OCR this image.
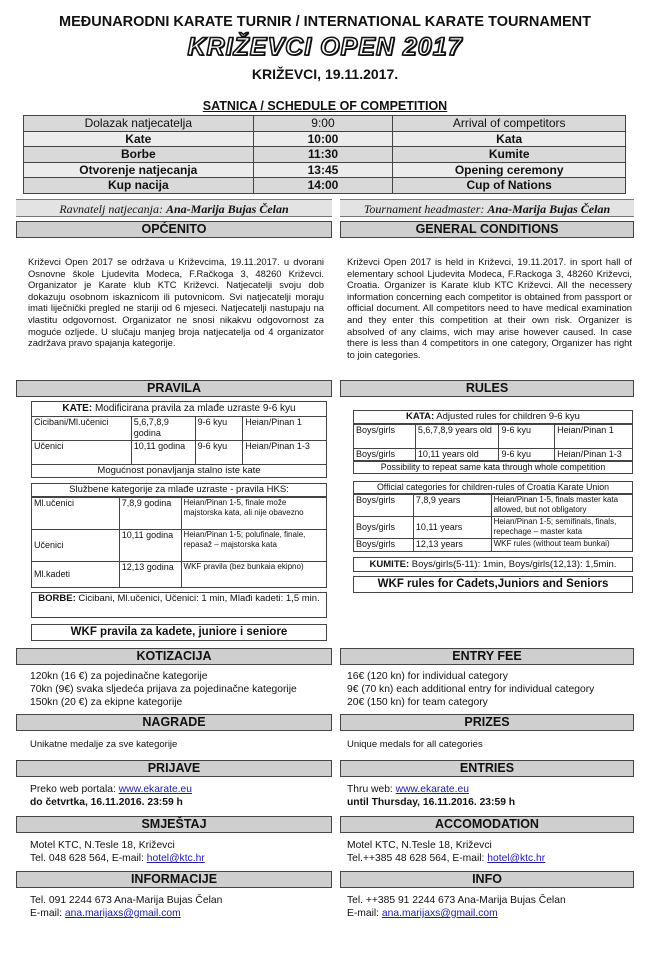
MEĐUNARODNI KARATE TURNIR / INTERNATIONAL KARATE TOURNAMENT
KRIŽEVCI OPEN 2017
KRIŽEVCI, 19.11.2017.
SATNICA / SCHEDULE OF COMPETITION
Dolazak natjecatelja	9:00	Arrival of competitors
Kate	10:00	Kata
Borbe	11:30	Kumite
Otvorenje natjecanja	13:45	Opening ceremony
Kup nacija	14:00	Cup of Nations
Ravnatelj natjecanja: Ana-Marija Bujas Čelan	Tournament headmaster: Ana-Marija Bujas Čelan
OPĆENITO	GENERAL CONDITIONS
Križevci Open 2017 se održava u Križevcima, 19.11.2017. u dvorani Osnovne škole Ljudevita Modeca, F.Račkoga 3, 48260 Križevci. Organizator je Karate klub KTC Križevci. Natjecatelji svoju dob dokazuju osobnom iskaznicom ili putovnicom. Svi natjecatelji moraju imati liječnički pregled ne stariji od 6 mjeseci. Natjecatelji nastupaju na vlastitu odgovornost. Organizator ne snosi nikakvu odgovornost za moguće ozljede. U slučaju manjeg broja natjecatelja od 4 organizator zadržava pravo spajanja kategorije.
Križevci Open 2017 is held in Križevci, 19.11.2017. in sport hall of elementary school Ljudevita Modeca, F.Rackoga 3, 48260 Križevci, Croatia. Organizer is Karate klub KTC Križevci. All the necessery information concerning each competitor is obtained from passport or official document. All competitors need to have medical examination and they enter this competition at their own risk. Organizer is absolved of any claims, wich may arise however caused. In case there is less than 4 competitors in one category, Organizer has right to join categories.
PRAVILA
KATE: Modificirana pravila za mlađe uzraste 9-6 kyu
Cicibani/Ml.učenici	5,6,7,8,9 godina	9-6 kyu	Heian/Pinan 1
Učenici	10,11 godina	9-6 kyu	Heian/Pinan 1-3
Mogućnost ponavljanja stalno iste kate
Službene kategorije za mlađe uzraste - pravila HKS:
Ml.učenici	7,8,9 godina	Heian/Pinan 1-5, finale može majstorska kata, ali nije obavezno
Učenici	10,11 godina	Heian/Pinan 1-5; polufinale, finale, repasaž – majstorska kata
Ml.kadeti	12,13 godina	WKF pravila (bez bunkaia ekipno)
BORBE: Cicibani, Ml.učenici, Učenici: 1 min, Mlađi kadeti: 1,5 min.
WKF pravila za kadete, juniore i seniore
RULES
KATA: Adjusted rules for children 9-6 kyu
Boys/girls	5,6,7,8,9 years old	9-6 kyu	Heian/Pinan 1
Boys/girls	10,11 years old	9-6 kyu	Heian/Pinan 1-3
Possibility to repeat same kata through whole competition
Official categories for children-rules of Croatia Karate Union
Boys/girls	7,8,9 years	Heian/Pinan 1-5, finals master kata allowed, but not obligatory
Boys/girls	10,11 years	Heian/Pinan 1-5; semifinals, finals, repechage – master kata
Boys/girls	12,13 years	WKF rules (without team bunkai)
KUMITE: Boys/girls(5-11): 1min, Boys/girls(12,13): 1,5min.
WKF rules for Cadets,Juniors and Seniors
KOTIZACIJA	ENTRY FEE
120kn (16 €) za pojedinačne kategorije
70kn (9€) svaka sljedeća prijava za pojedinačne kategorije
150kn (20 €) za ekipne kategorije
16€ (120 kn) for individual category
9€ (70 kn) each additional entry for individual category
20€ (150 kn) for team category
NAGRADE	PRIZES
Unikatne medalje za sve kategorije	Unique medals for all categories
PRIJAVE	ENTRIES
Preko web portala: www.ekarate.eu
do četvrtka, 16.11.2016. 23:59 h
Thru web: www.ekarate.eu
until Thursday, 16.11.2016. 23:59 h
SMJEŠTAJ	ACCOMODATION
Motel KTC, N.Tesle 18, Križevci
Tel. 048 628 564, E-mail: hotel@ktc.hr
Motel KTC, N.Tesle 18, Križevci
Tel.++385 48 628 564, E-mail: hotel@ktc.hr
INFORMACIJE	INFO
Tel. 091 2244 673 Ana-Marija Bujas Čelan
E-mail: ana.marijaxs@gmail.com
Tel. ++385 91 2244 673 Ana-Marija Bujas Čelan
E-mail: ana.marijaxs@gmail.com
